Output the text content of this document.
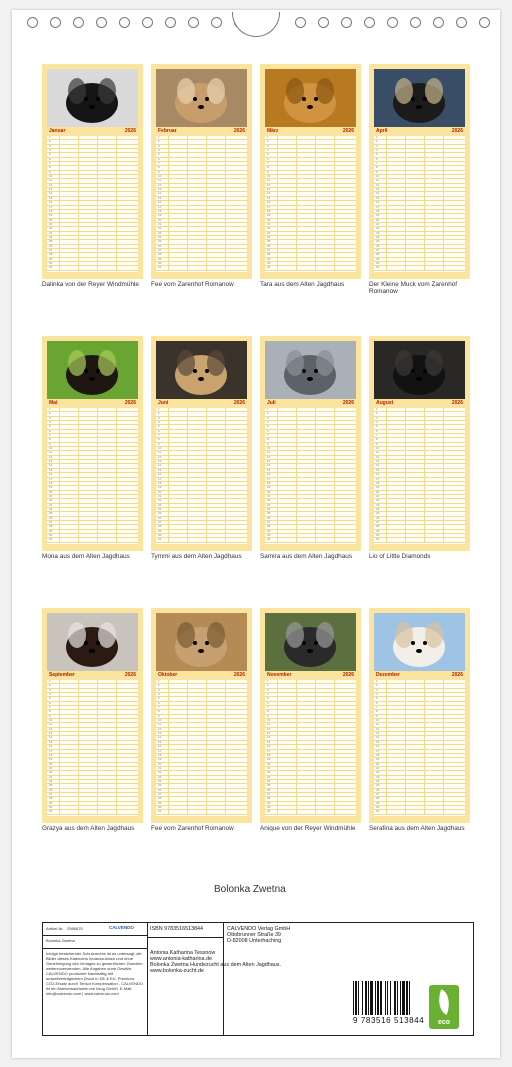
Januar	2026
1
2
3
4
5
6
7
8
9
10
11
12
13
14
15
16
17
18
19
20
21
22
23
24
25
26
27
28
29
30
31
Dalinka von der Reyer Windmühle
Februar	2026
1
2
3
4
5
6
7
8
9
10
11
12
13
14
15
16
17
18
19
20
21
22
23
24
25
26
27
28
29
30
31
Fee vom Zarenhof Romanow
März	2026
1
2
3
4
5
6
7
8
9
10
11
12
13
14
15
16
17
18
19
20
21
22
23
24
25
26
27
28
29
30
31
Tara aus dem Alten Jagdhaus
April	2026
1
2
3
4
5
6
7
8
9
10
11
12
13
14
15
16
17
18
19
20
21
22
23
24
25
26
27
28
29
30
31
Der Kleine Muck vom Zarenhof Romanow
Mai	2026
1
2
3
4
5
6
7
8
9
10
11
12
13
14
15
16
17
18
19
20
21
22
23
24
25
26
27
28
29
30
31
Mona aus dem Alten Jagdhaus
Juni	2026
1
2
3
4
5
6
7
8
9
10
11
12
13
14
15
16
17
18
19
20
21
22
23
24
25
26
27
28
29
30
31
Tymmi aus dem Alten Jagdhaus
Juli	2026
1
2
3
4
5
6
7
8
9
10
11
12
13
14
15
16
17
18
19
20
21
22
23
24
25
26
27
28
29
30
31
Samira aus dem Alten Jagdhaus
August	2026
1
2
3
4
5
6
7
8
9
10
11
12
13
14
15
16
17
18
19
20
21
22
23
24
25
26
27
28
29
30
31
Lio of Little Diamonds
September	2026
1
2
3
4
5
6
7
8
9
10
11
12
13
14
15
16
17
18
19
20
21
22
23
24
25
26
27
28
29
30
31
Grazya aus dem Alten Jagdhaus
Oktober	2026
1
2
3
4
5
6
7
8
9
10
11
12
13
14
15
16
17
18
19
20
21
22
23
24
25
26
27
28
29
30
31
Fee vom Zarenhof Romanow
November	2026
1
2
3
4
5
6
7
8
9
10
11
12
13
14
15
16
17
18
19
20
21
22
23
24
25
26
27
28
29
30
31
Anique von der Reyer Windmühle
Dezember	2026
1
2
3
4
5
6
7
8
9
10
11
12
13
14
15
16
17
18
19
20
21
22
23
24
25
26
27
28
29
30
31
Serafina aus dem Alten Jagdhaus
Bolonka Zwetna
Artikel-Nr. 2566675	CALVENDO
Bolonka Zwetna
Infolge bestehender Schutzrechte ist es untersagt, die Bilder dieses Kalenders herauszulösen und ohne Genehmigung des Verlages zu gewerblichen Zwecken weiterzuverwenden. Alle Angaben ohne Gewähr. CALVENDO produziert Nachhaltig mit umweltverträglichem Druck in DE & EU. Premium-CO2-Ersatz durch Tensor Kompensation - CALVENDO ist ein Markennachweis von Ifzug GmbH. E-Mail: info@calvendo.com | www.calvendo.com
ISBN 9783516513844
Antonia Katharina Tessnow
www.antonia-katharina.de
Bolonka Zwetna Hundezucht aus dem Alten Jagdhaus.
www.bolonka-zucht.de
CALVENDO Verlag GmbH
Ottobrunner Straße 39
D-82008 Unterhaching
9 783516 513844	eco
